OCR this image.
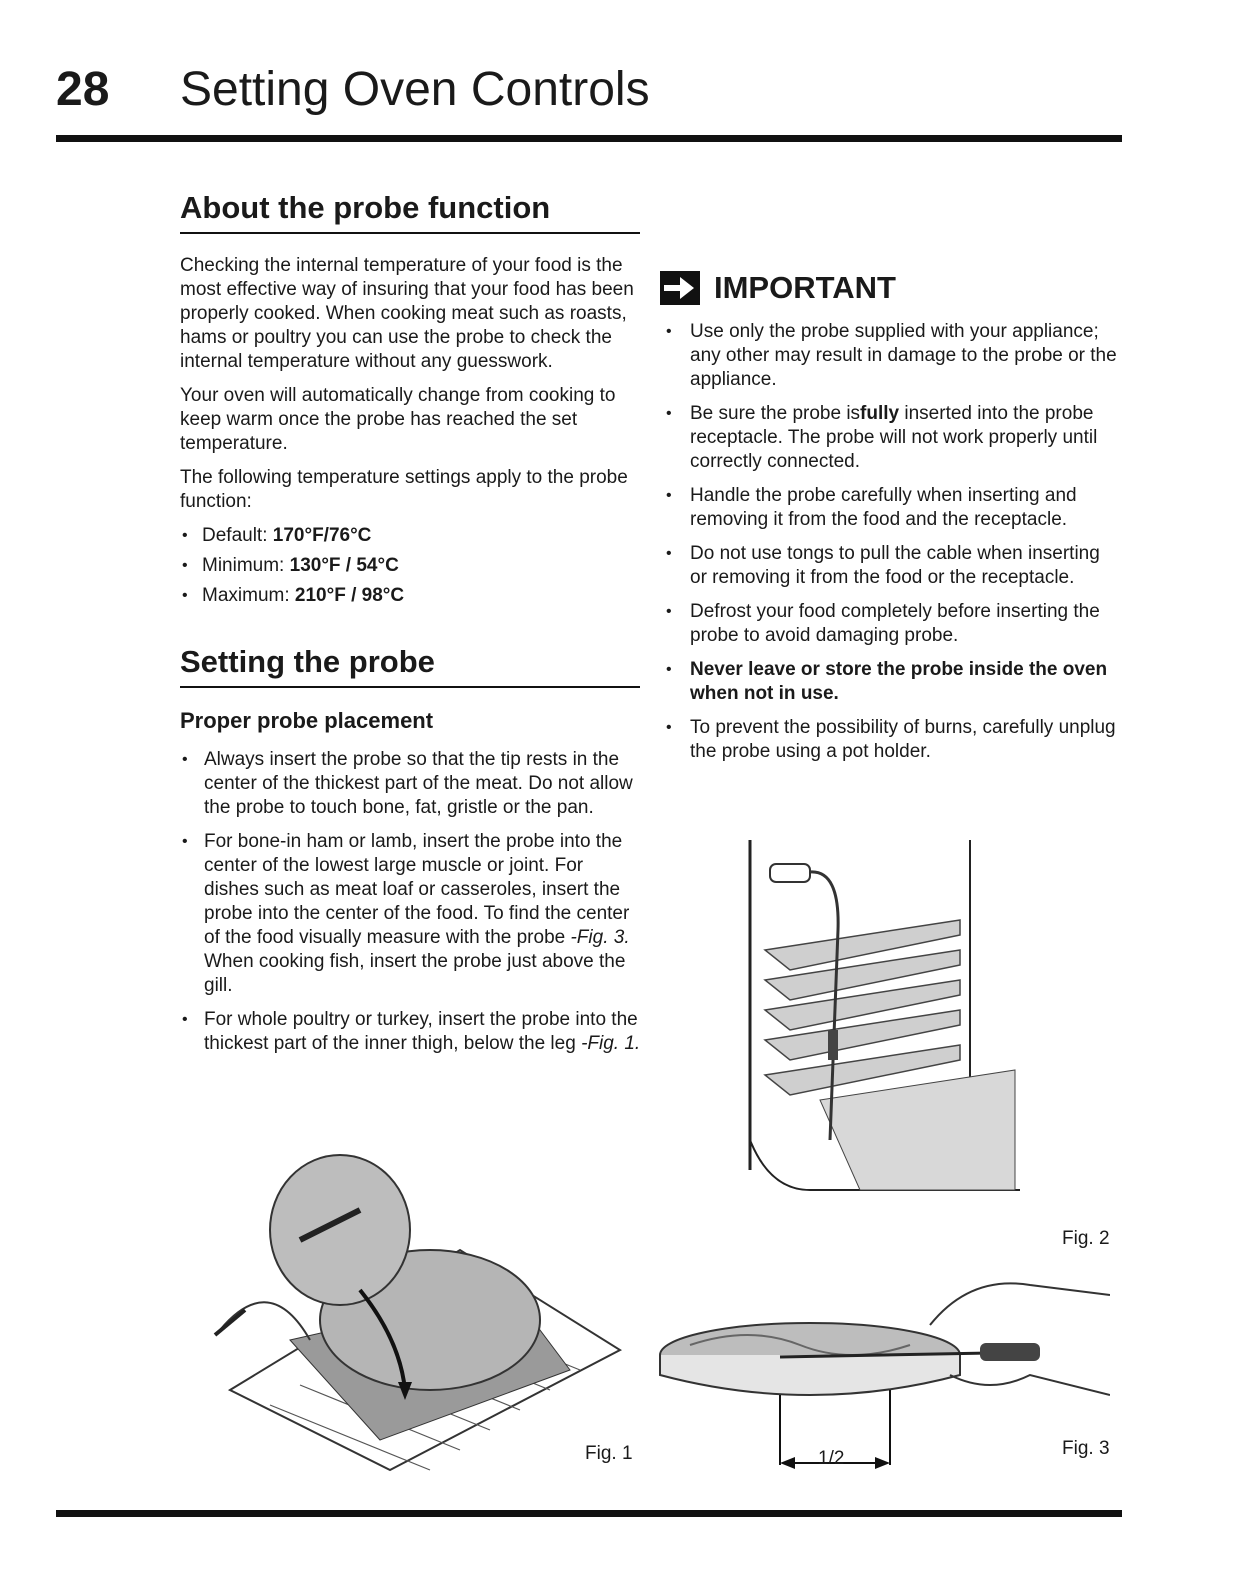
28 Setting Oven Controls
About the probe function

Checking the internal temperature of your food is the most effective way of insuring that your food has been properly cooked. When cooking meat such as roasts, hams or poultry you can use the probe to check the internal temperature without any guesswork.

Your oven will automatically change from cooking to keep warm once the probe has reached the set temperature.

The following temperature settings apply to the probe function:

• Default: 170°F/76°C
• Minimum: 130°F / 54°C
• Maximum: 210°F / 98°C
Setting the probe
Proper probe placement
• Always insert the probe so that the tip rests in the center of the thickest part of the meat. Do not allow the probe to touch bone, fat, gristle or the pan.
• For bone-in ham or lamb, insert the probe into the center of the lowest large muscle or joint. For dishes such as meat loaf or casseroles, insert the probe into the center of the food. To find the center of the food visually measure with the probe -Fig. 3. When cooking fish, insert the probe just above the gill.
• For whole poultry or turkey, insert the probe into the thickest part of the inner thigh, below the leg -Fig. 1.
IMPORTANT
• Use only the probe supplied with your appliance; any other may result in damage to the probe or the appliance.
• Be sure the probe isfully inserted into the probe receptacle. The probe will not work properly until correctly connected.
• Handle the probe carefully when inserting and removing it from the food and the receptacle.
• Do not use tongs to pull the cable when inserting or removing it from the food or the receptacle.
• Defrost your food completely before inserting the probe to avoid damaging probe.
• Never leave or store the probe inside the oven when not in use.
• To prevent the possibility of burns, carefully unplug the probe using a pot holder.
Fig. 2
Fig. 1	1/2	Fig. 3
